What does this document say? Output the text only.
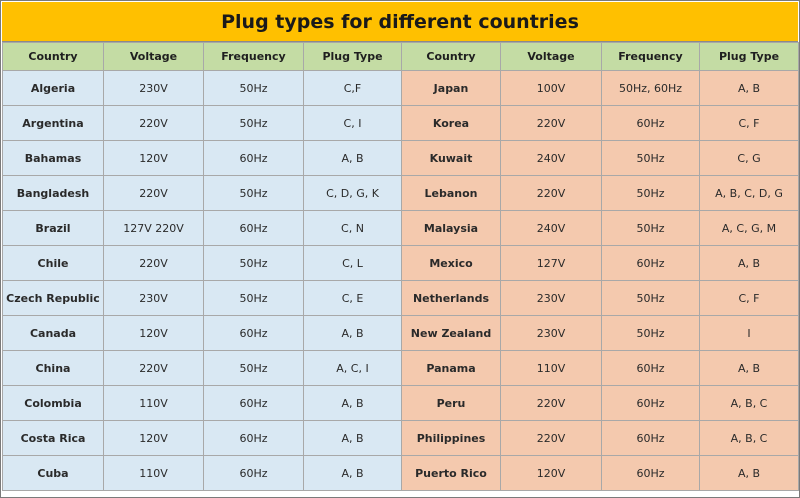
Plug types for different countries
Country	Voltage	Frequency	Plug Type	Country	Voltage	Frequency	Plug Type
Algeria	230V	50Hz	C,F	Japan	100V	50Hz, 60Hz	A, B
Argentina	220V	50Hz	C, I	Korea	220V	60Hz	C, F
Bahamas	120V	60Hz	A, B	Kuwait	240V	50Hz	C, G
Bangladesh	220V	50Hz	C, D, G, K	Lebanon	220V	50Hz	A, B, C, D, G
Brazil	127V 220V	60Hz	C, N	Malaysia	240V	50Hz	A, C, G, M
Chile	220V	50Hz	C, L	Mexico	127V	60Hz	A, B
Czech Republic	230V	50Hz	C, E	Netherlands	230V	50Hz	C, F
Canada	120V	60Hz	A, B	New Zealand	230V	50Hz	I
China	220V	50Hz	A, C, I	Panama	110V	60Hz	A, B
Colombia	110V	60Hz	A, B	Peru	220V	60Hz	A, B, C
Costa Rica	120V	60Hz	A, B	Philippines	220V	60Hz	A, B, C
Cuba	110V	60Hz	A, B	Puerto Rico	120V	60Hz	A, B
